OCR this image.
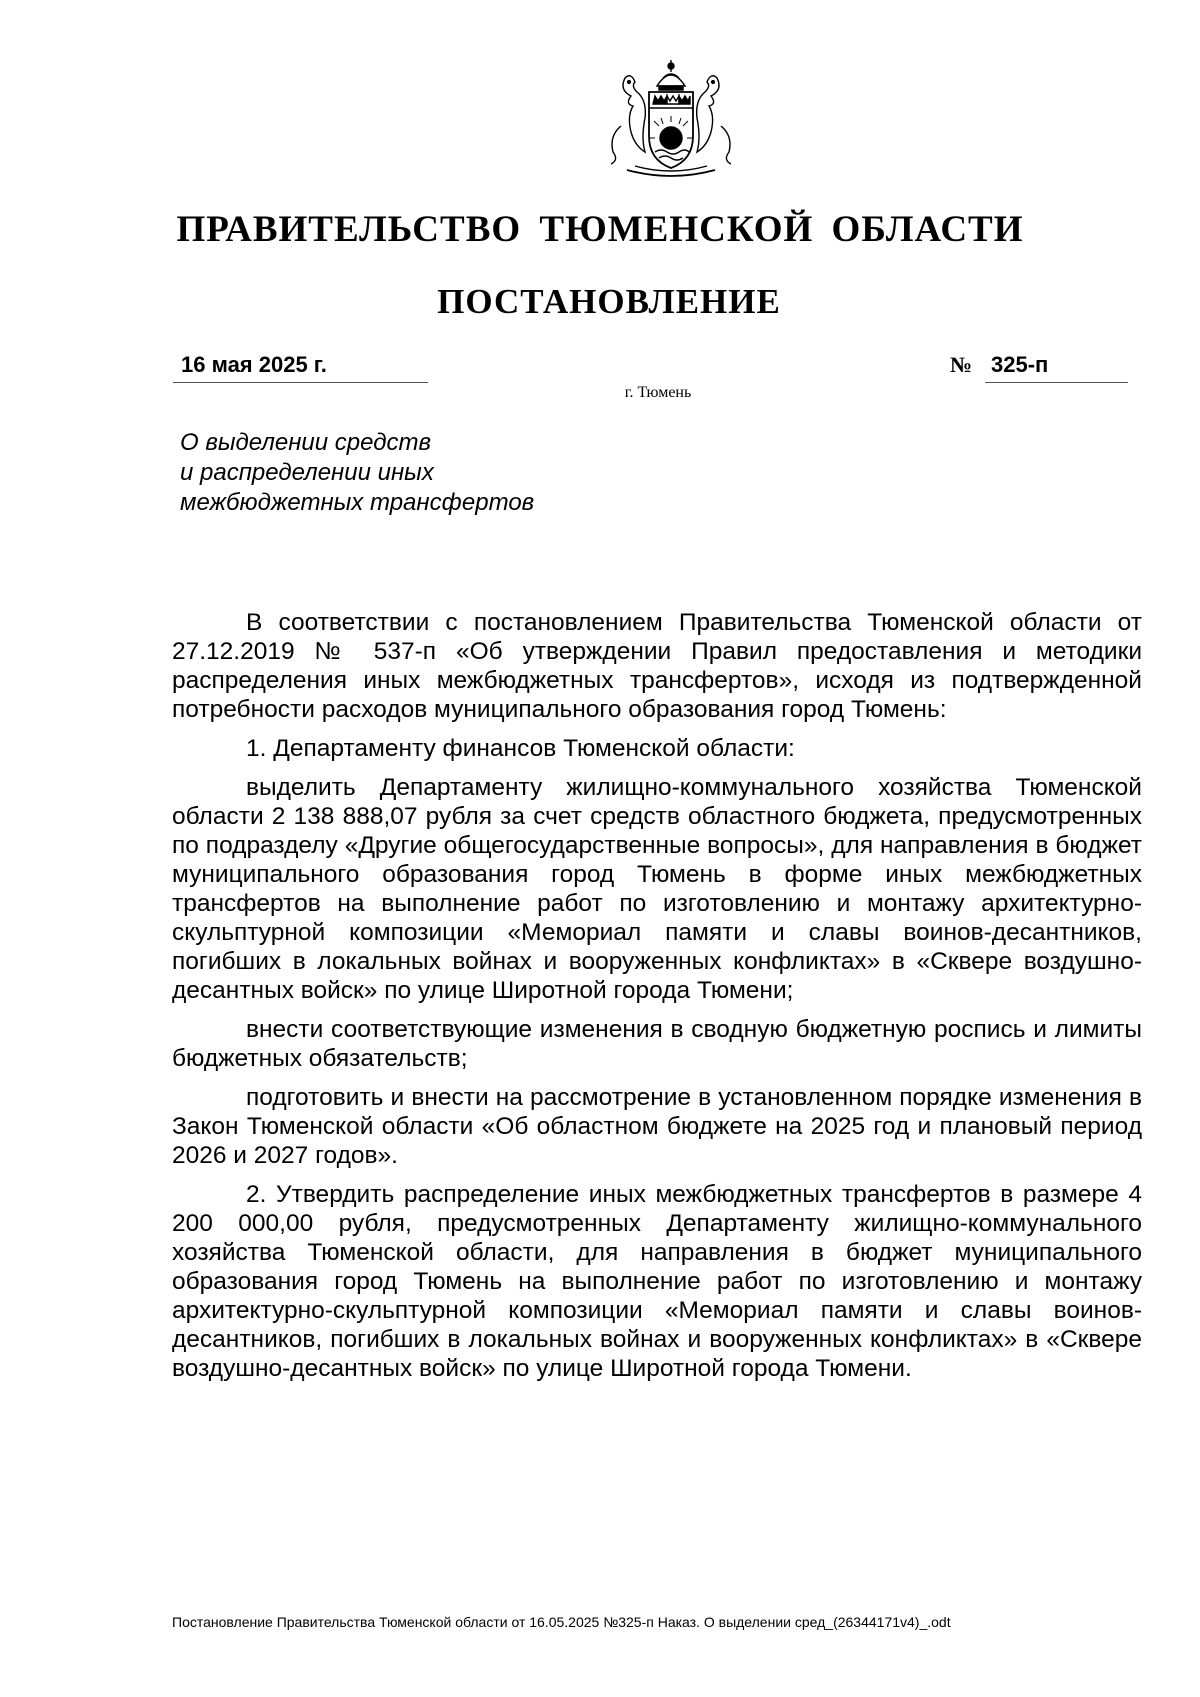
ПРАВИТЕЛЬСТВО ТЮМЕНСКОЙ ОБЛАСТИ
ПОСТАНОВЛЕНИЕ
16 мая 2025 г.	№ 325-п
г. Тюмень
О выделении средств
и распределении иных
межбюджетных трансфертов

В соответствии с постановлением Правительства Тюменской области от 27.12.2019 № 537-п «Об утверждении Правил предоставления и методики распределения иных межбюджетных трансфертов», исходя из подтвержденной потребности расходов муниципального образования город Тюмень:

1. Департаменту финансов Тюменской области:

выделить Департаменту жилищно-коммунального хозяйства Тюменской области 2 138 888,07 рубля за счет средств областного бюджета, предусмотренных по подразделу «Другие общегосударственные вопросы», для направления в бюджет муниципального образования город Тюмень в форме иных межбюджетных трансфертов на выполнение работ по изготовлению и монтажу архитектурно-скульптурной композиции «Мемориал памяти и славы воинов-десантников, погибших в локальных войнах и вооруженных конфликтах» в «Сквере воздушно-десантных войск» по улице Широтной города Тюмени;

внести соответствующие изменения в сводную бюджетную роспись и лимиты бюджетных обязательств;

подготовить и внести на рассмотрение в установленном порядке изменения в Закон Тюменской области «Об областном бюджете на 2025 год и плановый период 2026 и 2027 годов».

2. Утвердить распределение иных межбюджетных трансфертов в размере 4 200 000,00 рубля, предусмотренных Департаменту жилищно-коммунального хозяйства Тюменской области, для направления в бюджет муниципального образования город Тюмень на выполнение работ по изготовлению и монтажу архитектурно-скульптурной композиции «Мемориал памяти и славы воинов-десантников, погибших в локальных войнах и вооруженных конфликтах» в «Сквере воздушно-десантных войск» по улице Широтной города Тюмени.

Постановление Правительства Тюменской области от 16.05.2025 №325-п Наказ. О выделении сред_(26344171v4)_.odt
